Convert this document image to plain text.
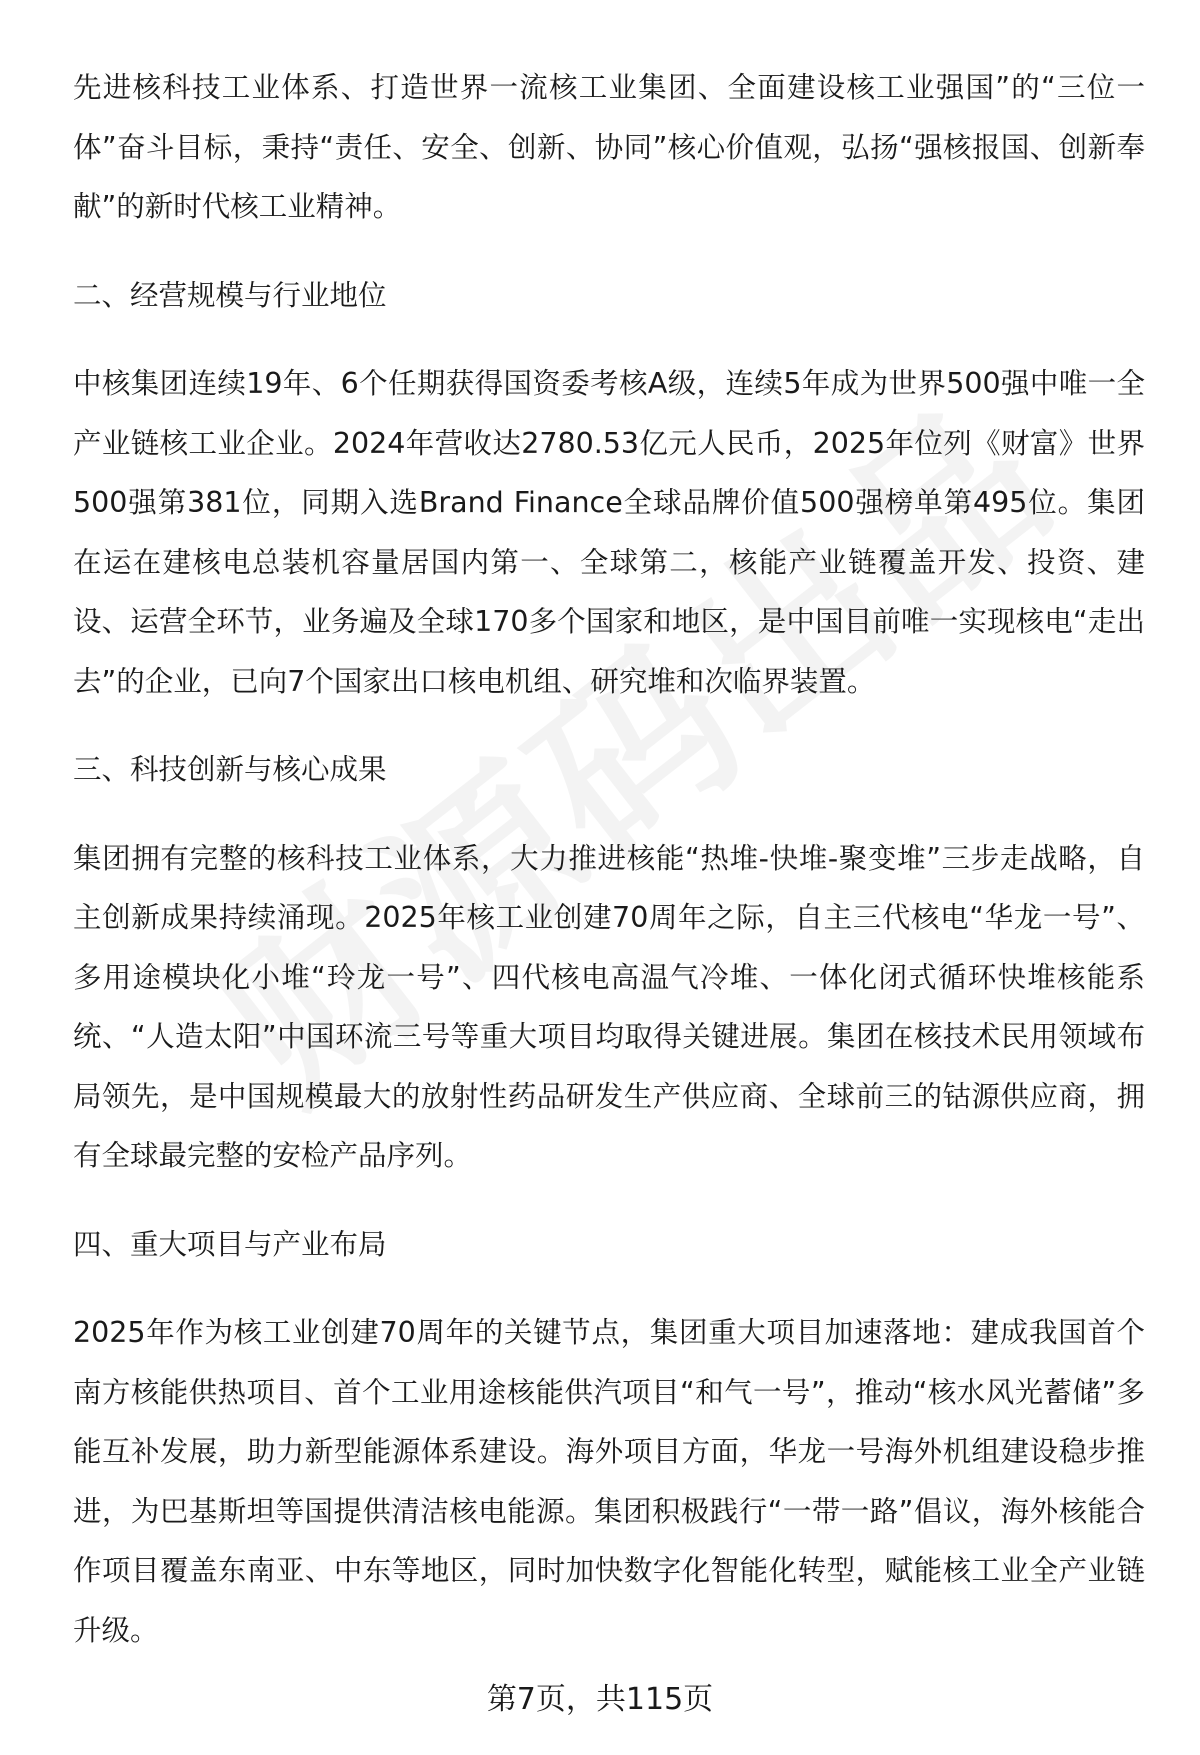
先进核科技工业体系、打造世界一流核工业集团、全面建设核工业强国”的“三位一体”奋斗目标，秉持“责任、安全、创新、协同”核心价值观，弘扬“强核报国、创新奉献”的新时代核工业精神。

二、经营规模与行业地位

中核集团连续19年、6个任期获得国资委考核A级，连续5年成为世界500强中唯一全产业链核工业企业。2024年营收达2780.53亿元人民币，2025年位列《财富》世界500强第381位，同期入选Brand Finance全球品牌价值500强榜单第495位。集团在运在建核电总装机容量居国内第一、全球第二，核能产业链覆盖开发、投资、建设、运营全环节，业务遍及全球170多个国家和地区，是中国目前唯一实现核电“走出去”的企业，已向7个国家出口核电机组、研究堆和次临界装置。

三、科技创新与核心成果

集团拥有完整的核科技工业体系，大力推进核能“热堆-快堆-聚变堆”三步走战略，自主创新成果持续涌现。2025年核工业创建70周年之际，自主三代核电“华龙一号”、多用途模块化小堆“玲龙一号”、四代核电高温气冷堆、一体化闭式循环快堆核能系统、“人造太阳”中国环流三号等重大项目均取得关键进展。集团在核技术民用领域布局领先，是中国规模最大的放射性药品研发生产供应商、全球前三的钴源供应商，拥有全球最完整的安检产品序列。

四、重大项目与产业布局

2025年作为核工业创建70周年的关键节点，集团重大项目加速落地：建成我国首个南方核能供热项目、首个工业用途核能供汽项目“和气一号”，推动“核水风光蓄储”多能互补发展，助力新型能源体系建设。海外项目方面，华龙一号海外机组建设稳步推进，为巴基斯坦等国提供清洁核电能源。集团积极践行“一带一路”倡议，海外核能合作项目覆盖东南亚、中东等地区，同时加快数字化智能化转型，赋能核工业全产业链升级。

第7页，共115页
